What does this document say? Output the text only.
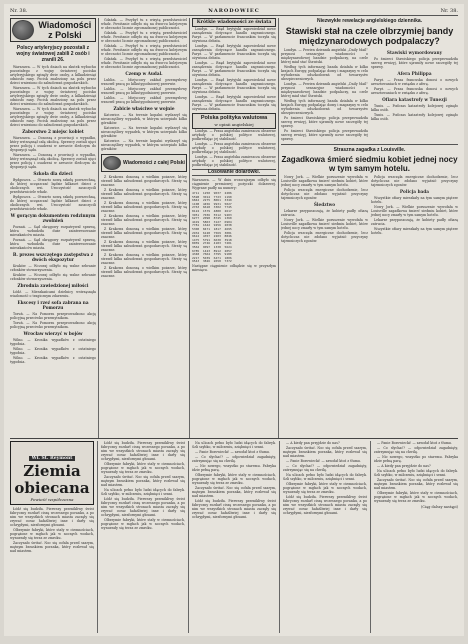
Nr. 38.	NARODOWIEC	Nr. 38.
Wiadomości z Polski
Polscy artyleryjscy pozostali z wojny światowej zabili 2 osób i zranili 26.

Warszawa. — W tych dniach na skutek wybuchu pozostałego z wojny światowej pocisku artyleryjskiego zginęły dwie osoby, a kilkadziesiąt odniosło rany. Pocisk znaleziony na polu przez dzieci wniesiono do zabudowań gospodarskich.

Warszawa. — W tych dniach na skutek wybuchu pozostałego z wojny światowej pocisku artyleryjskiego zginęły dwie osoby, a kilkadziesiąt odniosło rany. Pocisk znaleziony na polu przez dzieci wniesiono do zabudowań gospodarskich.

Warszawa. — W tych dniach na skutek wybuchu pozostałego z wojny światowej pocisku artyleryjskiego zginęły dwie osoby, a kilkadziesiąt odniosło rany. Pocisk znaleziony na polu przez dzieci wniesiono do zabudowań gospodarskich.

Zaborstwo 2 miejsc kobiet

Warszawa. — Donoszą z prowincji o wypadku, który wstrząsnął całą okolicą. Sprawcy zostali ujęci przez policję i osadzeni w areszcie śledczym do dyspozycji sądu.

Warszawa. — Donoszą z prowincji o wypadku, który wstrząsnął całą okolicą. Sprawcy zostali ujęci przez policję i osadzeni w areszcie śledczym do dyspozycji sądu.

Szkoła dla dzieci

Bydgoszcz. — Otwarto nową szkołę powszechną, do której uczęszczać będzie kilkaset dzieci z okolicznych wsi. Uroczystość zaszczycili przedstawiciele władz.

Bydgoszcz. — Otwarto nową szkołę powszechną, do której uczęszczać będzie kilkaset dzieci z okolicznych wsi. Uroczystość zaszczycili przedstawiciele władz.

W gorącym dokumentem rodzinnym zwolnień

Poznań. — Sąd okręgowy rozpatrywał sprawę, która wzbudziła duże zainteresowanie mieszkańców miasta.

Poznań. — Sąd okręgowy rozpatrywał sprawę, która wzbudziła duże zainteresowanie mieszkańców miasta.

B. prezes wszczętego zastępstwa z dwóch ekspozytur

Kraków. — Wczoraj odbyło się walne zebranie członków stowarzyszenia.

Kraków. — Wczoraj odbyło się walne zebranie członków stowarzyszenia.

Zbrodnia zawiedzionej miłości

Łódź. — Mieszkańcami dzielnicy wstrząsnęła wiadomość o tragicznym zdarzeniu.

Ekscesy i rzeź sofa zabrana na Pomorzu

Toruń. — Na Pomorzu przeprowadzono akcję policyjną przeciwko przemytnikom.

Toruń. — Na Pomorzu przeprowadzono akcję policyjną przeciwko przemytnikom.

Wrocław wierzyć w bojów

Wilno. — Kronika wypadków z ostatniego tygodnia.

Wilno. — Kronika wypadków z ostatniego tygodnia.

Wilno. — Kronika wypadków z ostatniego tygodnia.

Gdańsk. — Przybył tu z wizytą przedstawiciel władz. Powitanie odbyło się na dworcu kolejowym w obecności licznie zgromadzonej publiczności.

Gdańsk. — Przybył tu z wizytą przedstawiciel władz. Powitanie odbyło się na dworcu kolejowym w obecności licznie zgromadzonej publiczności.

Gdańsk. — Przybył tu z wizytą przedstawiciel władz. Powitanie odbyło się na dworcu kolejowym w obecności licznie zgromadzonej publiczności.

Gdańsk. — Przybył tu z wizytą przedstawiciel władz. Powitanie odbyło się na dworcu kolejowym w obecności licznie zgromadzonej publiczności.

Czemp w Audal.

Lublin. — Miejscowy zakład przemysłowy wznowił pracę po kilkutygodniowej przerwie.

Lublin. — Miejscowy zakład przemysłowy wznowił pracę po kilkutygodniowej przerwie.

Lublin. — Miejscowy zakład przemysłowy wznowił pracę po kilkutygodniowej przerwie.

Zabicie właściwe w wojnie

Katowice. — Na terenie kopalni wydarzył się nieszczęśliwy wypadek, w którym ucierpiało kilku górników.

Katowice. — Na terenie kopalni wydarzył się nieszczęśliwy wypadek, w którym ucierpiało kilku górników.

Katowice. — Na terenie kopalni wydarzył się nieszczęśliwy wypadek, w którym ucierpiało kilku górników.

Wiadomości z całej Polski

Z Krakowa donoszą o wielkim pożarze, który strawił kilka zabudowań gospodarczych. Straty są znaczne.

Z Krakowa donoszą o wielkim pożarze, który strawił kilka zabudowań gospodarczych. Straty są znaczne.

Z Krakowa donoszą o wielkim pożarze, który strawił kilka zabudowań gospodarczych. Straty są znaczne.

Z Krakowa donoszą o wielkim pożarze, który strawił kilka zabudowań gospodarczych. Straty są znaczne.

Z Krakowa donoszą o wielkim pożarze, który strawił kilka zabudowań gospodarczych. Straty są znaczne.

Z Krakowa donoszą o wielkim pożarze, który strawił kilka zabudowań gospodarczych. Straty są znaczne.

Z Krakowa donoszą o wielkim pożarze, który strawił kilka zabudowań gospodarczych. Straty są znaczne.

Z Krakowa donoszą o wielkim pożarze, który strawił kilka zabudowań gospodarczych. Straty są znaczne.

Krótkie wiadomości ze świata

Londyn. — Rząd brytyjski zapowiedział nowe zarządzenia dotyczące handlu zagranicznego. Paryż. — W parlamencie francuskim toczyła się ożywiona debata.

Londyn. — Rząd brytyjski zapowiedział nowe zarządzenia dotyczące handlu zagranicznego. Paryż. — W parlamencie francuskim toczyła się ożywiona debata.

Londyn. — Rząd brytyjski zapowiedział nowe zarządzenia dotyczące handlu zagranicznego. Paryż. — W parlamencie francuskim toczyła się ożywiona debata.

Londyn. — Rząd brytyjski zapowiedział nowe zarządzenia dotyczące handlu zagranicznego. Paryż. — W parlamencie francuskim toczyła się ożywiona debata.

Londyn. — Rząd brytyjski zapowiedział nowe zarządzenia dotyczące handlu zagranicznego. Paryż. — W parlamencie francuskim toczyła się ożywiona debata.

Polska polityka walutowa
w opinii angielskiej

Londyn. — Prasa angielska zamieszcza obszerne artykuły o polskiej polityce walutowej, podkreślając jej stabilność.

Londyn. — Prasa angielska zamieszcza obszerne artykuły o polskiej polityce walutowej, podkreślając jej stabilność.

Londyn. — Prasa angielska zamieszcza obszerne artykuły o polskiej polityce walutowej, podkreślając jej stabilność.

Losowanie dolarówki.
Warszawa. — W dniu wczorajszym odbyło się ciągnienie premiowej pożyczki dolarowej. Wygrane padły na numery:
4711  1250  9037  2286
5598  3014  7723  1190
6842  2275  8061  3349
1108  4456  9931  5027
2763  6618  3302  7745
8124  1579  4880  2617
3951  7036  5512  9403
6277  2098  8745  1360
4419  5863  3127  6904
7781  1642  9256  2038
5300  8471  1817  4695
2934  6128  7569  3081
9612  4357  2203  8846
1475  5791  6630  3918
8059  2746  4183  7201
3562  9097  1338  5624
6785  1423  8912  2057
4348  7664  3795  9180
2217  5039  6471  1806
9543  3826  2658  7372
Następne ciągnienie odbędzie się w przyszłym miesiącu.
Niezwykłe rewelacje angielskiego dziennika.
Stawiski stał na czele olbrzymiej bandy międzynarodowych podpalaczy?

Londyn. — Pewien dziennik angielski „Daily Mail” przynosi sensacyjne wiadomości o międzynarodowej bandzie podpalaczy, na czele której miał stać Stawiski.

Według tych informacyj banda działała w kilku krajach Europy, podpalając domy i magazyny w celu wyłudzenia odszkodowań od towarzystw ubezpieczeniowych.

Londyn. — Pewien dziennik angielski „Daily Mail” przynosi sensacyjne wiadomości o międzynarodowej bandzie podpalaczy, na czele której miał stać Stawiski.

Według tych informacyj banda działała w kilku krajach Europy, podpalając domy i magazyny w celu wyłudzenia odszkodowań od towarzystw ubezpieczeniowych.

Po śmierci Stawiskiego policja przeprowadziła szereg rewizyj, które ujawniły nowe szczegóły tej sprawy.

Po śmierci Stawiskiego policja przeprowadziła szereg rewizyj, które ujawniły nowe szczegóły tej sprawy.

Stawiski wymordowany

Po śmierci Stawiskiego policja przeprowadziła szereg rewizyj, które ujawniły nowe szczegóły tej sprawy.

Afera Philippa

Paryż. — Prasa francuska donosi o nowych aresztowaniach w związku z aferą.

Paryż. — Prasa francuska donosi o nowych aresztowaniach w związku z aferą.

Ofiara katastrofy w Tunezji

Tunis. — Podczas katastrofy kolejowej zginęło kilka osób.

Tunis. — Podczas katastrofy kolejowej zginęło kilka osób.

Straszna zagadka z Louisville.
Zagadkowa śmierć siedmiu kobiet jednej nocy w tym samym hotelu.

Nowy Jork. — Wielkie poruszenie wywołała w Louisville zagadkowa śmierć siedmiu kobiet, które jednej nocy zmarły w tym samym hotelu.

Policja wszczęła energiczne dochodzenie, lecz dotychczas nie zdołano wyjaśnić przyczyny tajemniczych zgonów.

Śledztwo

Lekarze przypuszczają, że kobiety padły ofiarą zatrucia.

Nowy Jork. — Wielkie poruszenie wywołała w Louisville zagadkowa śmierć siedmiu kobiet, które jednej nocy zmarły w tym samym hotelu.

Policja wszczęła energiczne dochodzenie, lecz dotychczas nie zdołano wyjaśnić przyczyny tajemniczych zgonów.

Policja wszczęła energiczne dochodzenie, lecz dotychczas nie zdołano wyjaśnić przyczyny tajemniczych zgonów.

Policja bada

Wszystkie ofiary mieszkały na tym samym piętrze hotelu.

Nowy Jork. — Wielkie poruszenie wywołała w Louisville zagadkowa śmierć siedmiu kobiet, które jednej nocy zmarły w tym samym hotelu.

Lekarze przypuszczają, że kobiety padły ofiarą zatrucia.

Wszystkie ofiary mieszkały na tym samym piętrze hotelu.

Wł. St. Reymont
Ziemia obiecana
Powieść współczesna

Łódź się budziła. Pierwszy przenikliwy świst fabryczny rozdarł ciszę wczesnego poranku, a po nim we wszystkich stronach miasta zaczęły się zrywać coraz hałaśliwiej inne i darły się ochrypłymi, niesfornymi głosami.

Olbrzymie fabryki, które stały w ciemnościach, pogrążone w mgłach jak w nocnych wodach, wynurzały się teraz ze zmroku.

Zaczynało świtać. Noc się cofała przed szarym, mętnym brzaskiem poranka, który rozlewał się nad miastem.

Łódź się budziła. Pierwszy przenikliwy świst fabryczny rozdarł ciszę wczesnego poranku, a po nim we wszystkich stronach miasta zaczęły się zrywać coraz hałaśliwiej inne i darły się ochrypłymi, niesfornymi głosami.

Olbrzymie fabryki, które stały w ciemnościach, pogrążone w mgłach jak w nocnych wodach, wynurzały się teraz ze zmroku.

Zaczynało świtać. Noc się cofała przed szarym, mętnym brzaskiem poranka, który rozlewał się nad miastem.

Na ulicach pełno było ludzi idących do fabryk. Szli szybko, w milczeniu, zziębnięci i senni.

Łódź się budziła. Pierwszy przenikliwy świst fabryczny rozdarł ciszę wczesnego poranku, a po nim we wszystkich stronach miasta zaczęły się zrywać coraz hałaśliwiej inne i darły się ochrypłymi, niesfornymi głosami.

Olbrzymie fabryki, które stały w ciemnościach, pogrążone w mgłach jak w nocnych wodach, wynurzały się teraz ze zmroku.

Na ulicach pełno było ludzi idących do fabryk. Szli szybko, w milczeniu, zziębnięci i senni.

— Panie Borowiecki! — zawołał ktoś z tłumu.

— Co słychać? — odpowiedział zagadnięty, zatrzymując się na chwilę.

— Nic nowego, wszystko po staremu. Fabryka idzie pełną parą.

Olbrzymie fabryki, które stały w ciemnościach, pogrążone w mgłach jak w nocnych wodach, wynurzały się teraz ze zmroku.

Zaczynało świtać. Noc się cofała przed szarym, mętnym brzaskiem poranka, który rozlewał się nad miastem.

Łódź się budziła. Pierwszy przenikliwy świst fabryczny rozdarł ciszę wczesnego poranku, a po nim we wszystkich stronach miasta zaczęły się zrywać coraz hałaśliwiej inne i darły się ochrypłymi, niesfornymi głosami.

— A kiedy pan przyjdzie do nas?

Zaczynało świtać. Noc się cofała przed szarym, mętnym brzaskiem poranka, który rozlewał się nad miastem.

— Panie Borowiecki! — zawołał ktoś z tłumu.

— Co słychać? — odpowiedział zagadnięty, zatrzymując się na chwilę.

Na ulicach pełno było ludzi idących do fabryk. Szli szybko, w milczeniu, zziębnięci i senni.

Olbrzymie fabryki, które stały w ciemnościach, pogrążone w mgłach jak w nocnych wodach, wynurzały się teraz ze zmroku.

Łódź się budziła. Pierwszy przenikliwy świst fabryczny rozdarł ciszę wczesnego poranku, a po nim we wszystkich stronach miasta zaczęły się zrywać coraz hałaśliwiej inne i darły się ochrypłymi, niesfornymi głosami.

— Panie Borowiecki! — zawołał ktoś z tłumu.

— Co słychać? — odpowiedział zagadnięty, zatrzymując się na chwilę.

— Nic nowego, wszystko po staremu. Fabryka idzie pełną parą.

— A kiedy pan przyjdzie do nas?

Na ulicach pełno było ludzi idących do fabryk. Szli szybko, w milczeniu, zziębnięci i senni.

Zaczynało świtać. Noc się cofała przed szarym, mętnym brzaskiem poranka, który rozlewał się nad miastem.

Olbrzymie fabryki, które stały w ciemnościach, pogrążone w mgłach jak w nocnych wodach, wynurzały się teraz ze zmroku.

(Ciąg dalszy nastąpi)
